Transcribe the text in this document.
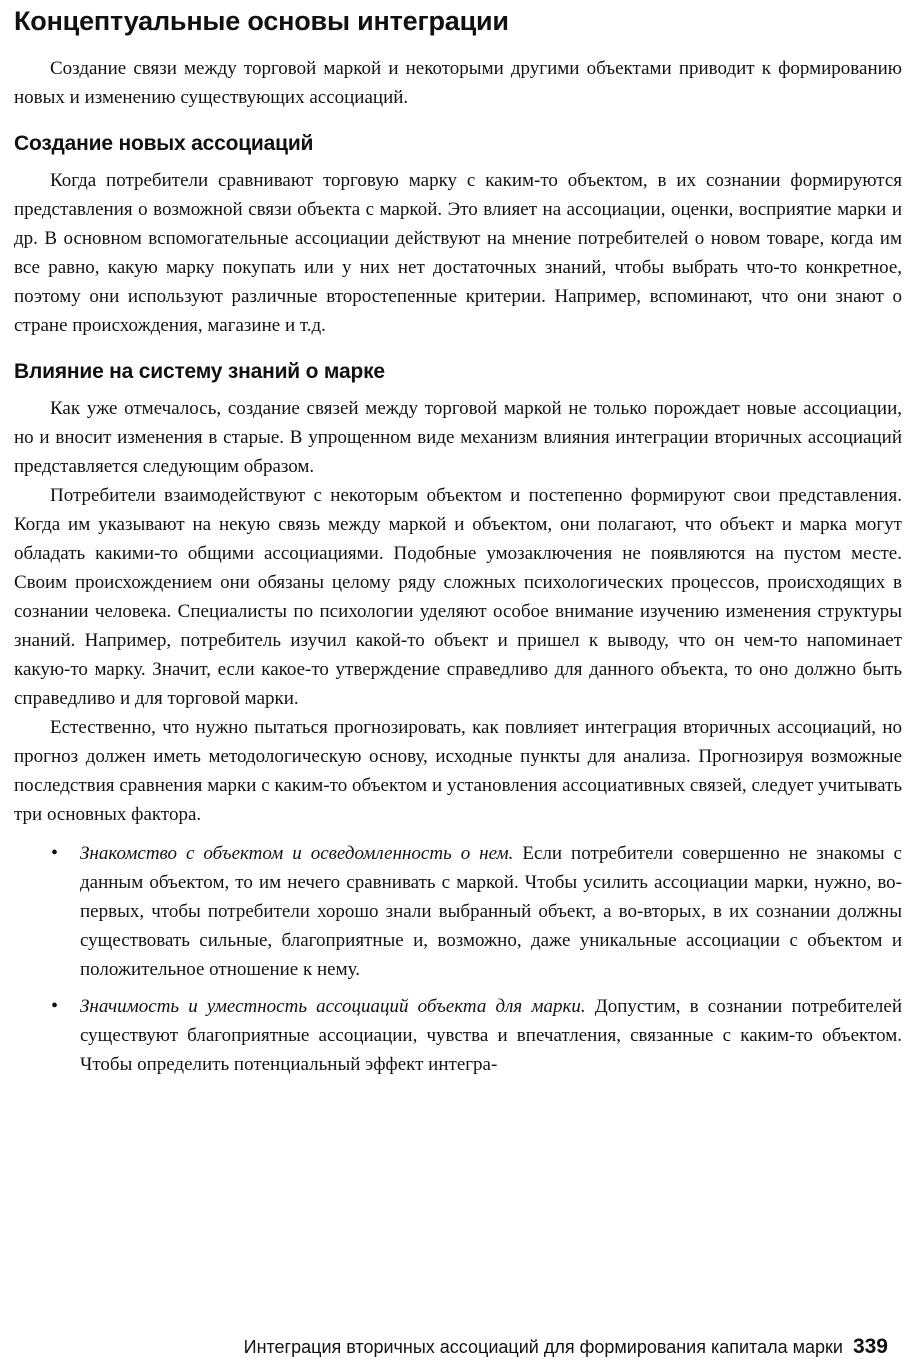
Концептуальные основы интеграции

Создание связи между торговой маркой и некоторыми другими объектами приводит к формированию новых и изменению существующих ассоциаций.

Создание новых ассоциаций

Когда потребители сравнивают торговую марку с каким-то объектом, в их сознании формируются представления о возможной связи объекта с маркой. Это влияет на ассоциации, оценки, восприятие марки и др. В основном вспомогательные ассоциации действуют на мнение потребителей о новом товаре, когда им все равно, какую марку покупать или у них нет достаточных знаний, чтобы выбрать что-то конкретное, поэтому они используют различные второстепенные критерии. Например, вспоминают, что они знают о стране происхождения, магазине и т.д.

Влияние на систему знаний о марке

Как уже отмечалось, создание связей между торговой маркой не только порождает новые ассоциации, но и вносит изменения в старые. В упрощенном виде механизм влияния интеграции вторичных ассоциаций представляется следующим образом.

Потребители взаимодействуют с некоторым объектом и постепенно формируют свои представления. Когда им указывают на некую связь между маркой и объектом, они полагают, что объект и марка могут обладать какими-то общими ассоциациями. Подобные умозаключения не появляются на пустом месте. Своим происхождением они обязаны целому ряду сложных психологических процессов, происходящих в сознании человека. Специалисты по психологии уделяют особое внимание изучению изменения структуры знаний. Например, потребитель изучил какой-то объект и пришел к выводу, что он чем-то напоминает какую-то марку. Значит, если какое-то утверждение справедливо для данного объекта, то оно должно быть справедливо и для торговой марки.

Естественно, что нужно пытаться прогнозировать, как повлияет интеграция вторичных ассоциаций, но прогноз должен иметь методологическую основу, исходные пункты для анализа. Прогнозируя возможные последствия сравнения марки с каким-то объектом и установления ассоциативных связей, следует учитывать три основных фактора.

• Знакомство с объектом и осведомленность о нем. Если потребители совершенно не знакомы с данным объектом, то им нечего сравнивать с маркой. Чтобы усилить ассоциации марки, нужно, во-первых, чтобы потребители хорошо знали выбранный объект, а во-вторых, в их сознании должны существовать сильные, благоприятные и, возможно, даже уникальные ассоциации с объектом и положительное отношение к нему.
• Значимость и уместность ассоциаций объекта для марки. Допустим, в сознании потребителей существуют благоприятные ассоциации, чувства и впечатления, связанные с каким-то объектом. Чтобы определить потенциальный эффект интегра-
Интеграция вторичных ассоциаций для формирования капитала марки 339
